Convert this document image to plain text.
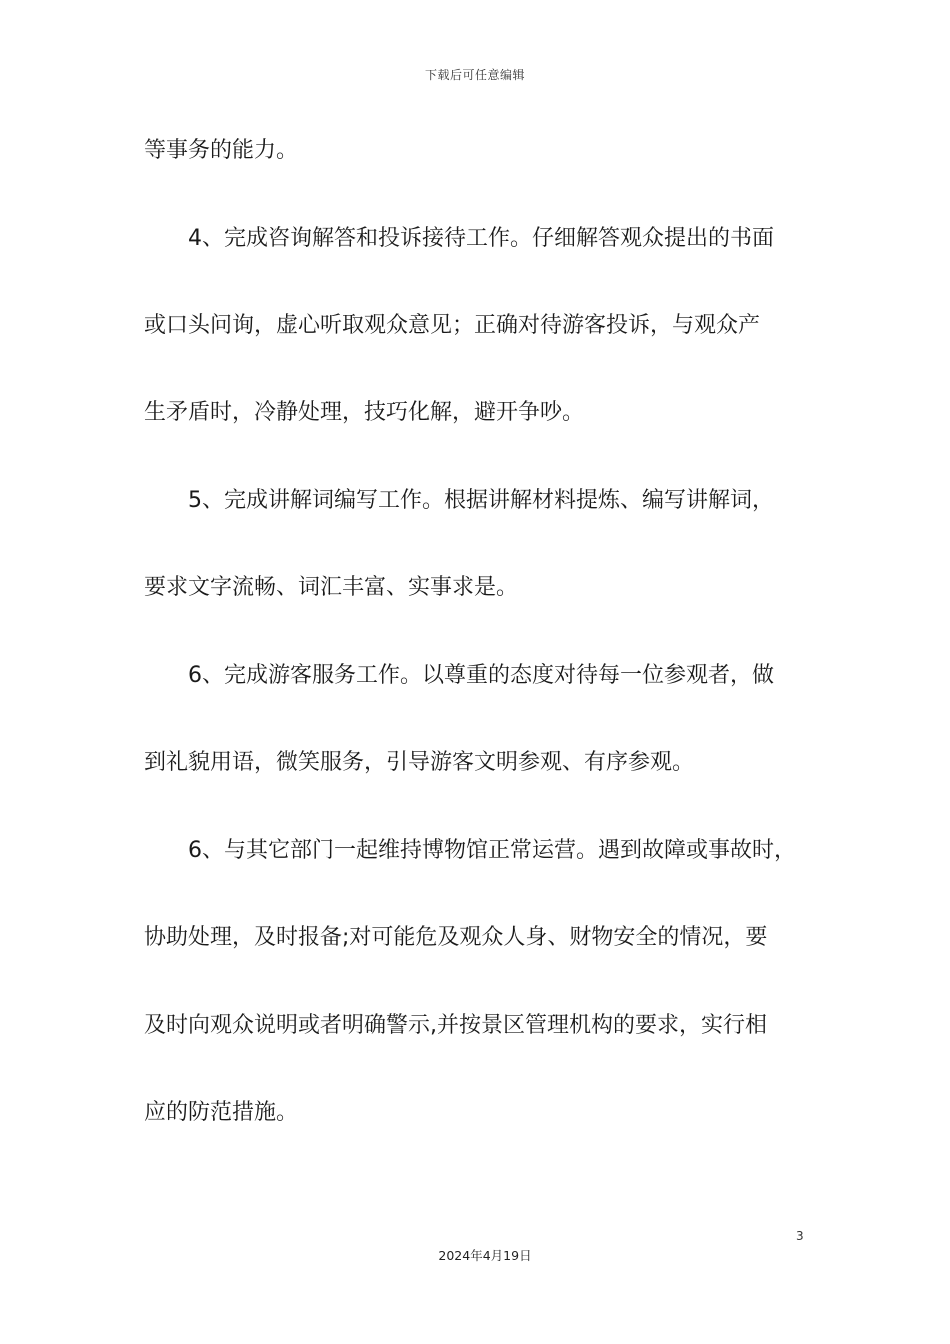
下载后可任意编辑
等事务的能力。
4、完成咨询解答和投诉接待工作。仔细解答观众提出的书面
或口头问询，虚心听取观众意见；正确对待游客投诉，与观众产
生矛盾时，冷静处理，技巧化解，避开争吵。
5、完成讲解词编写工作。根据讲解材料提炼、编写讲解词，
要求文字流畅、词汇丰富、实事求是。
6、完成游客服务工作。以尊重的态度对待每一位参观者，做
到礼貌用语，微笑服务，引导游客文明参观、有序参观。
6、与其它部门一起维持博物馆正常运营。遇到故障或事故时，
协助处理，及时报备;对可能危及观众人身、财物安全的情况，要
及时向观众说明或者明确警示,并按景区管理机构的要求，实行相
应的防范措施。
3
2024年4月19日
